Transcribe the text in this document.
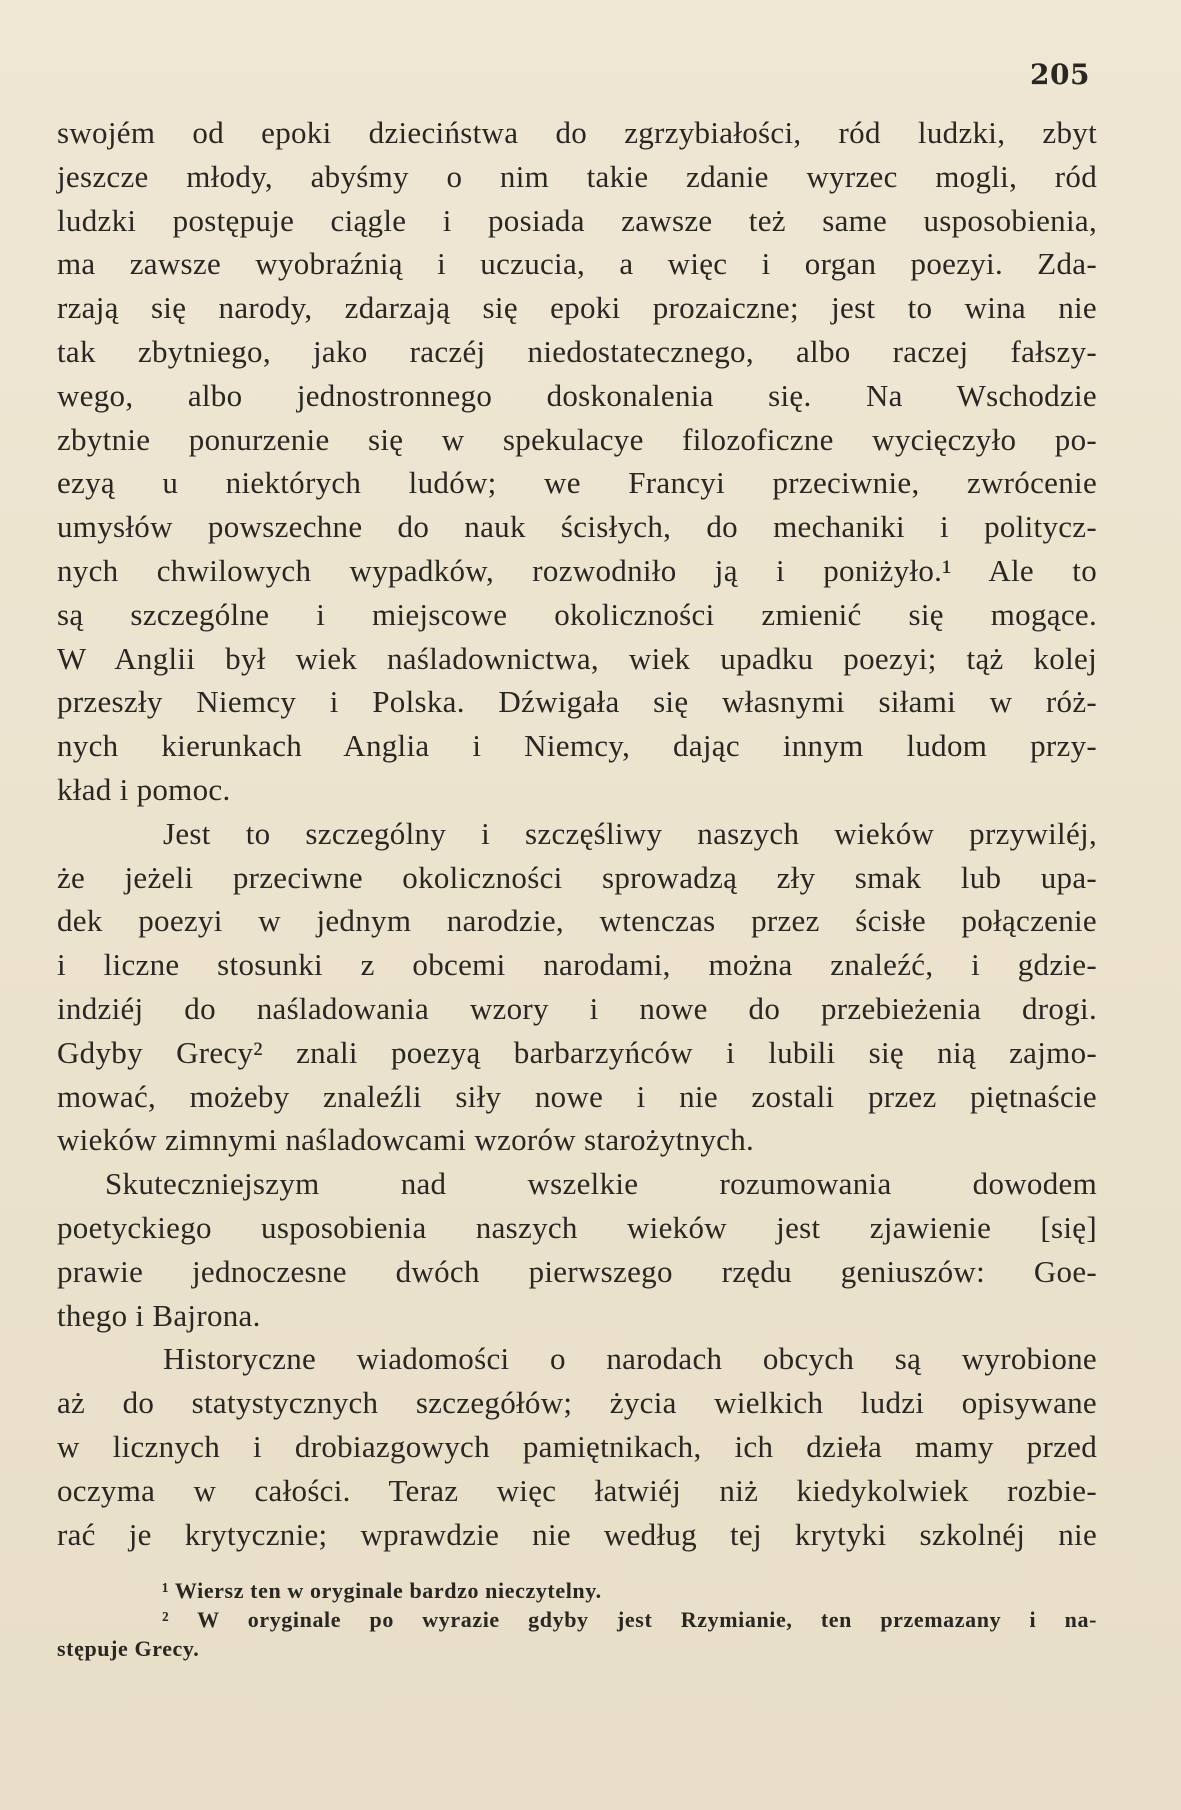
205
swojém od epoki dzieciństwa do zgrzybiałości, ród ludzki, zbyt
jeszcze młody, abyśmy o nim takie zdanie wyrzec mogli, ród
ludzki postępuje ciągle i posiada zawsze też same usposobienia,
ma zawsze wyobraźnią i uczucia, a więc i organ poezyi. Zda-
rzają się narody, zdarzają się epoki prozaiczne; jest to wina nie
tak zbytniego, jako raczéj niedostatecznego, albo raczej fałszy-
wego, albo jednostronnego doskonalenia się. Na Wschodzie
zbytnie ponurzenie się w spekulacye filozoficzne wycięczyło po-
ezyą u niektórych ludów; we Francyi przeciwnie, zwrócenie
umysłów powszechne do nauk ścisłych, do mechaniki i politycz-
nych chwilowych wypadków, rozwodniło ją i poniżyło.¹ Ale to
są szczególne i miejscowe okoliczności zmienić się mogące.
W Anglii był wiek naśladownictwa, wiek upadku poezyi; tąż kolej
przeszły Niemcy i Polska. Dźwigała się własnymi siłami w róż-
nych kierunkach Anglia i Niemcy, dając innym ludom przy-
kład i pomoc.
Jest to szczególny i szczęśliwy naszych wieków przywiléj,
że jeżeli przeciwne okoliczności sprowadzą zły smak lub upa-
dek poezyi w jednym narodzie, wtenczas przez ścisłe połączenie
i liczne stosunki z obcemi narodami, można znaleźć, i gdzie-
indziéj do naśladowania wzory i nowe do przebieżenia drogi.
Gdyby Grecy² znali poezyą barbarzyńców i lubili się nią zajmo-
mować, możeby znaleźli siły nowe i nie zostali przez piętnaście
wieków zimnymi naśladowcami wzorów starożytnych.
Skuteczniejszym nad wszelkie rozumowania dowodem
poetyckiego usposobienia naszych wieków jest zjawienie [się]
prawie jednoczesne dwóch pierwszego rzędu geniuszów: Goe-
thego i Bajrona.
Historyczne wiadomości o narodach obcych są wyrobione
aż do statystycznych szczegółów; życia wielkich ludzi opisywane
w licznych i drobiazgowych pamiętnikach, ich dzieła mamy przed
oczyma w całości. Teraz więc łatwiéj niż kiedykolwiek rozbie-
rać je krytycznie; wprawdzie nie według tej krytyki szkolnéj nie
¹ Wiersz ten w oryginale bardzo nieczytelny.
² W oryginale po wyrazie gdyby jest Rzymianie, ten przemazany i na-
stępuje Grecy.
